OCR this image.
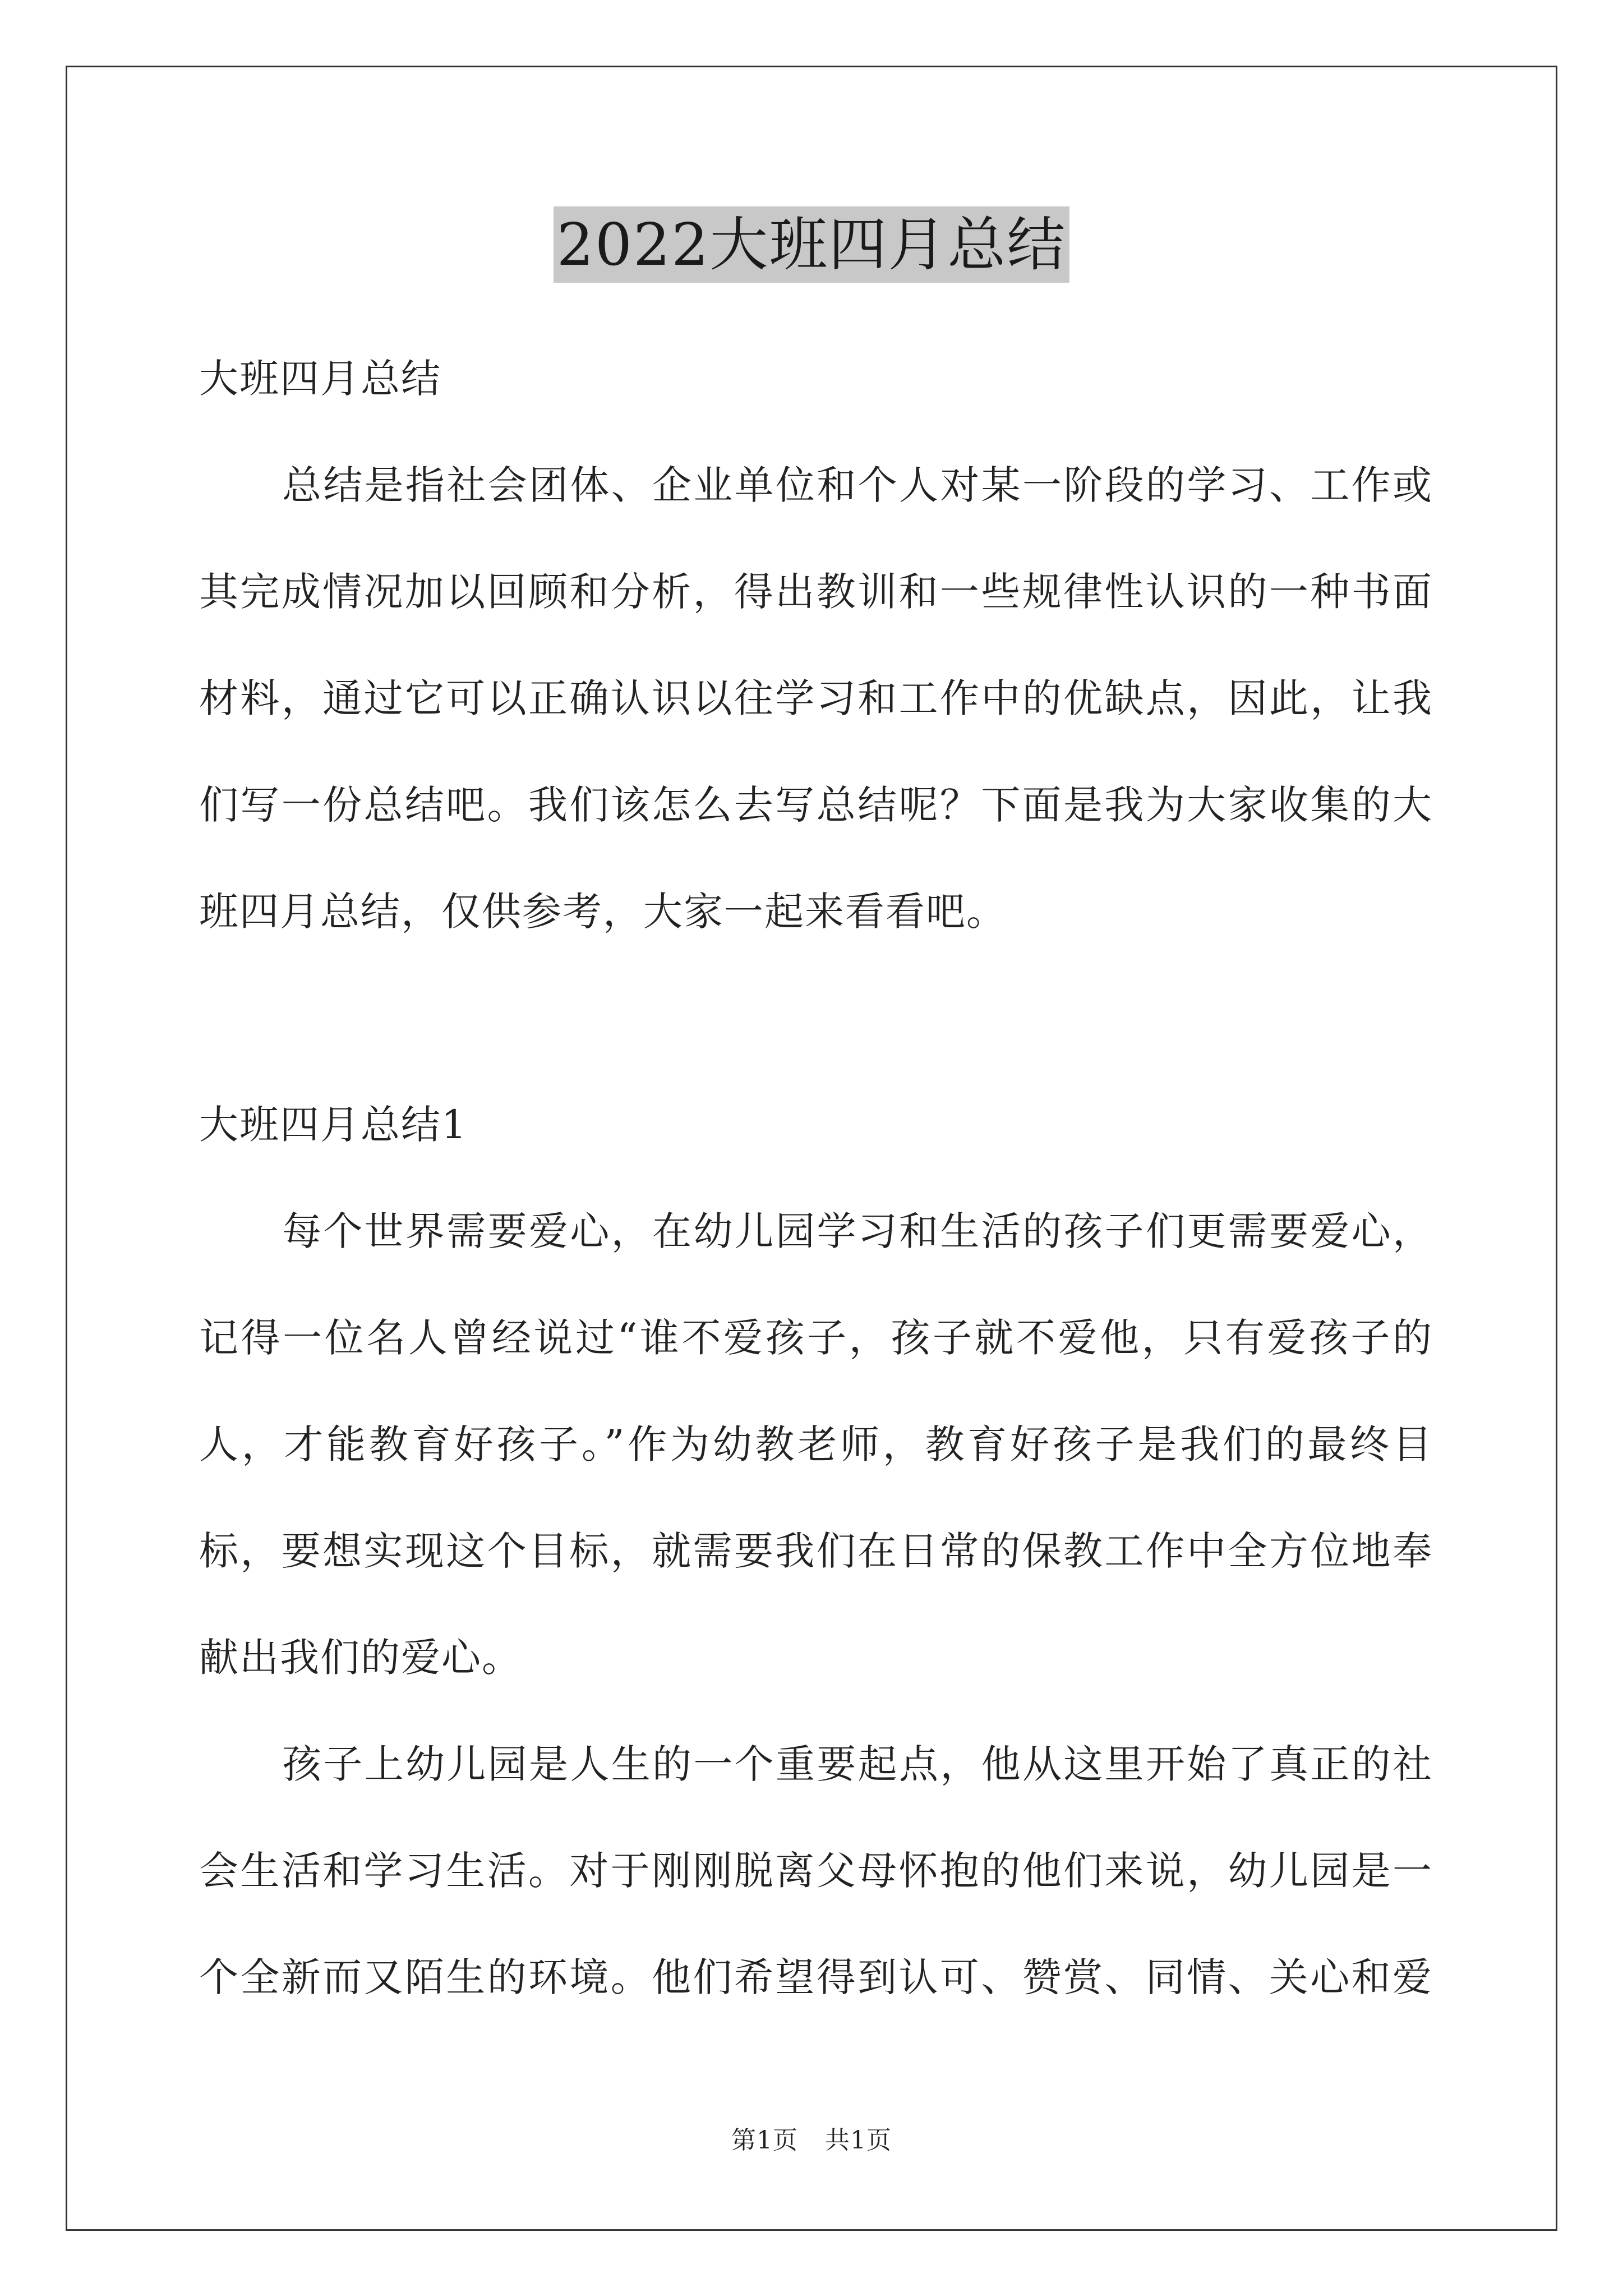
2022大班四月总结
大班四月总结
总结是指社会团体、企业单位和个人对某一阶段的学习、工作或
其完成情况加以回顾和分析，得出教训和一些规律性认识的一种书面
材料，通过它可以正确认识以往学习和工作中的优缺点，因此，让我
们写一份总结吧。我们该怎么去写总结呢？下面是我为大家收集的大
班四月总结，仅供参考，大家一起来看看吧。
大班四月总结1
每个世界需要爱心，在幼儿园学习和生活的孩子们更需要爱心，
记得一位名人曾经说过“谁不爱孩子，孩子就不爱他，只有爱孩子的
人，才能教育好孩子。”作为幼教老师，教育好孩子是我们的最终目
标，要想实现这个目标，就需要我们在日常的保教工作中全方位地奉
献出我们的爱心。
孩子上幼儿园是人生的一个重要起点，他从这里开始了真正的社
会生活和学习生活。对于刚刚脱离父母怀抱的他们来说，幼儿园是一
个全新而又陌生的环境。他们希望得到认可、赞赏、同情、关心和爱
第1页 共1页
